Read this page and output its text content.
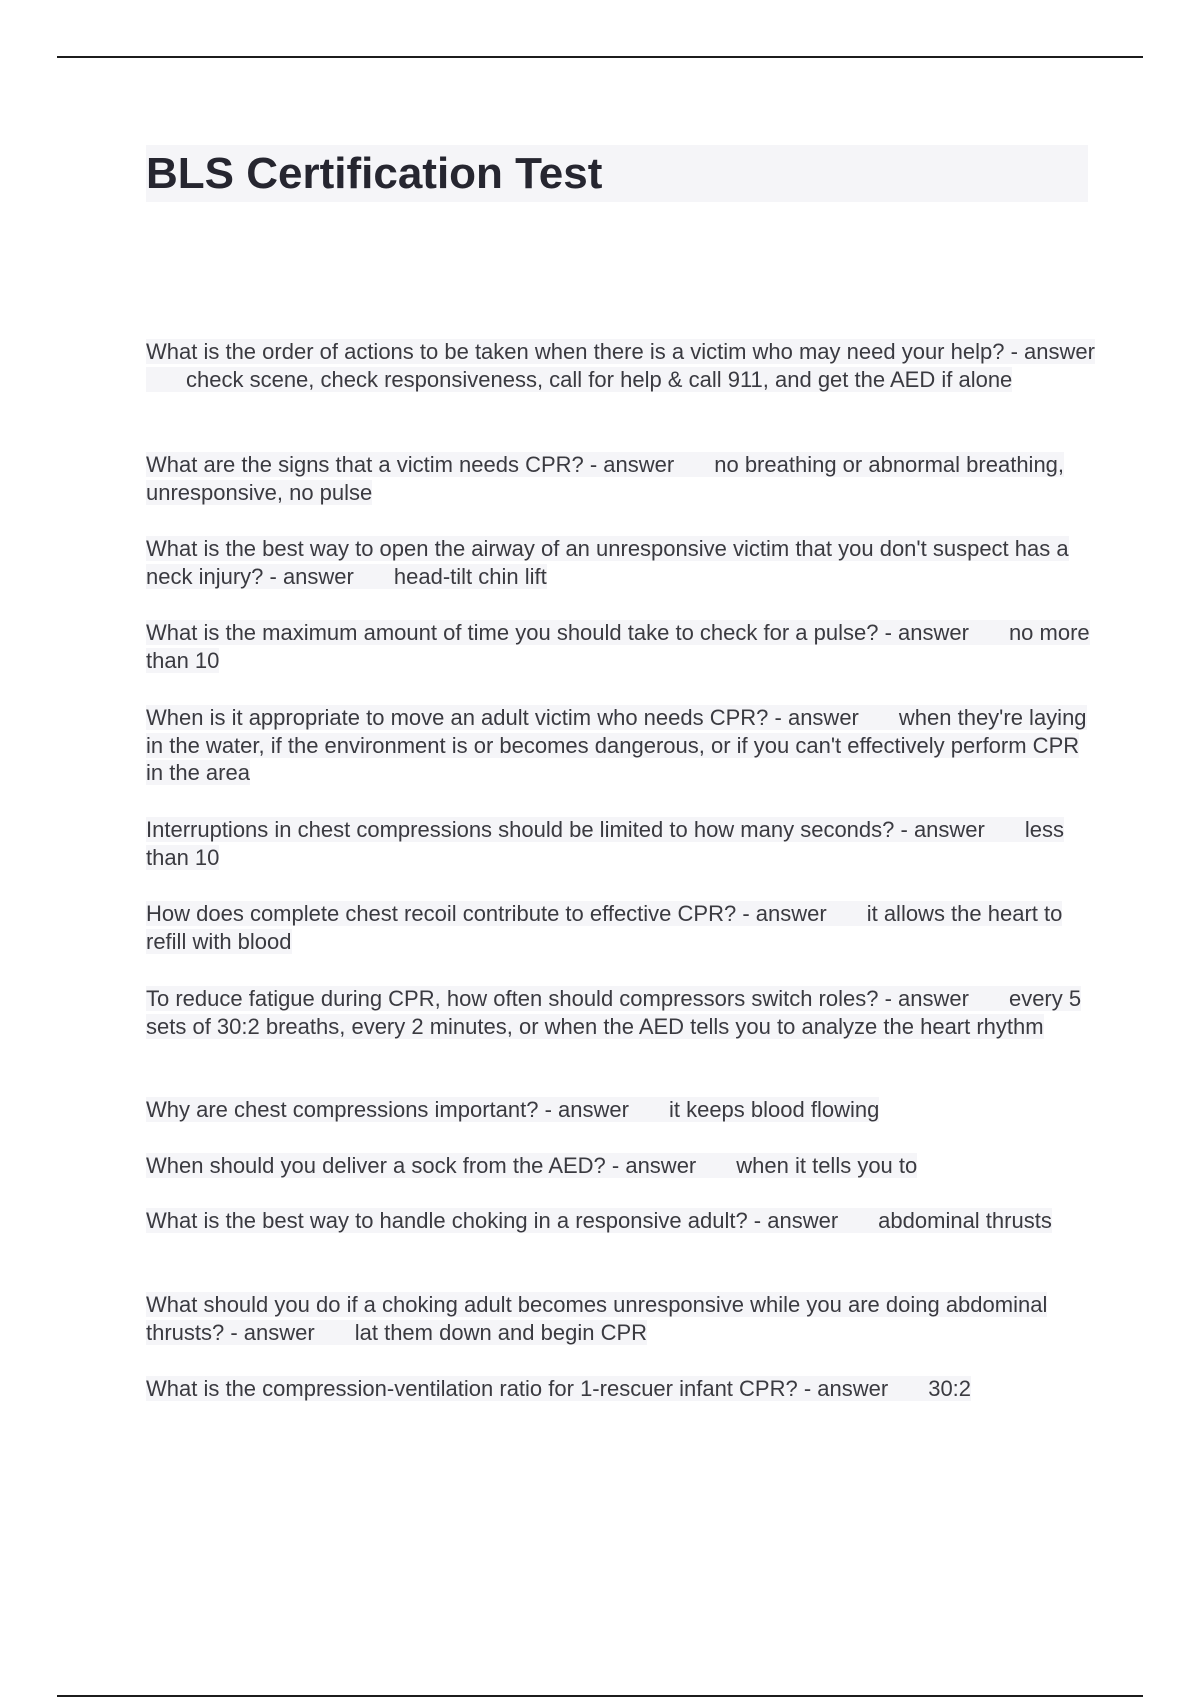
BLS Certification Test
What is the order of actions to be taken when there is a victim who may need your help? - answercheck scene, check responsiveness, call for help & call 911, and get the AED if alone
What are the signs that a victim needs CPR? - answer no breathing or abnormal breathing, unresponsive, no pulse
What is the best way to open the airway of an unresponsive victim that you don't suspect has a neck injury? - answer head-tilt chin lift
What is the maximum amount of time you should take to check for a pulse? - answer no more than 10
When is it appropriate to move an adult victim who needs CPR? - answer when they're laying in the water, if the environment is or becomes dangerous, or if you can't effectively perform CPR in the area
Interruptions in chest compressions should be limited to how many seconds? - answer less than 10
How does complete chest recoil contribute to effective CPR? - answer it allows the heart to refill with blood
To reduce fatigue during CPR, how often should compressors switch roles? - answer every 5 sets of 30:2 breaths, every 2 minutes, or when the AED tells you to analyze the heart rhythm
Why are chest compressions important? - answer it keeps blood flowing
When should you deliver a sock from the AED? - answer when it tells you to
What is the best way to handle choking in a responsive adult? - answer abdominal thrusts
What should you do if a choking adult becomes unresponsive while you are doing abdominal thrusts? - answer lat them down and begin CPR
What is the compression-ventilation ratio for 1-rescuer infant CPR? - answer 30:2
